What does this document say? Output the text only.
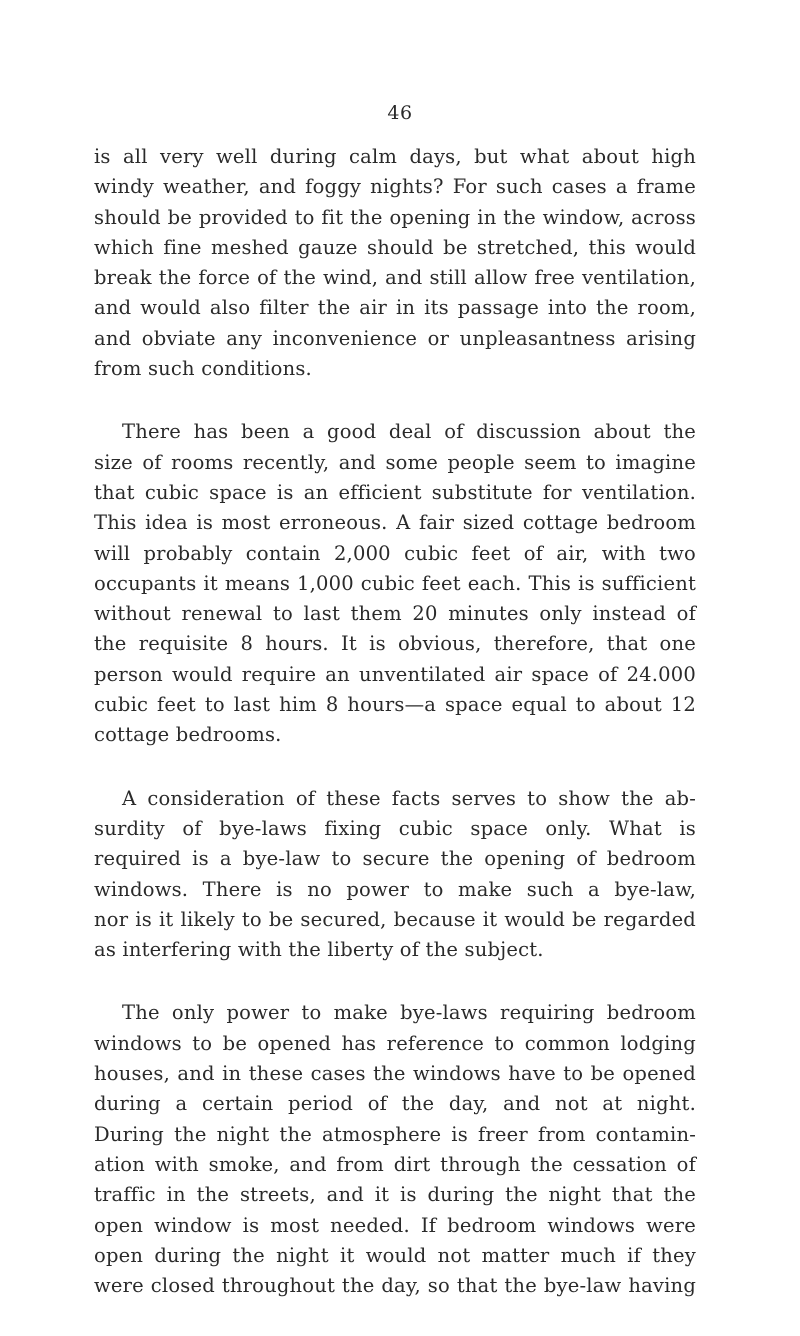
46

is all very well during calm days, but what about high
windy weather, and foggy nights? For such cases a frame
should be provided to fit the opening in the window, across
which fine meshed gauze should be stretched, this would
break the force of the wind, and still allow free ventilation,
and would also filter the air in its passage into the room,
and obviate any inconvenience or unpleasantness arising
from such conditions.

There has been a good deal of discussion about the
size of rooms recently, and some people seem to imagine
that cubic space is an efficient substitute for ventilation.
This idea is most erroneous. A fair sized cottage bedroom
will probably contain 2,000 cubic feet of air, with two
occupants it means 1,000 cubic feet each. This is sufficient
without renewal to last them 20 minutes only instead of
the requisite 8 hours. It is obvious, therefore, that one
person would require an unventilated air space of 24.000
cubic feet to last him 8 hours—a space equal to about 12
cottage bedrooms.

A consideration of these facts serves to show the ab-
surdity of bye-laws fixing cubic space only. What is
required is a bye-law to secure the opening of bedroom
windows. There is no power to make such a bye-law,
nor is it likely to be secured, because it would be regarded
as interfering with the liberty of the subject.

The only power to make bye-laws requiring bedroom
windows to be opened has reference to common lodging
houses, and in these cases the windows have to be opened
during a certain period of the day, and not at night.
During the night the atmosphere is freer from contamin-
ation with smoke, and from dirt through the cessation of
traffic in the streets, and it is during the night that the
open window is most needed. If bedroom windows were
open during the night it would not matter much if they
were closed throughout the day, so that the bye-law having
